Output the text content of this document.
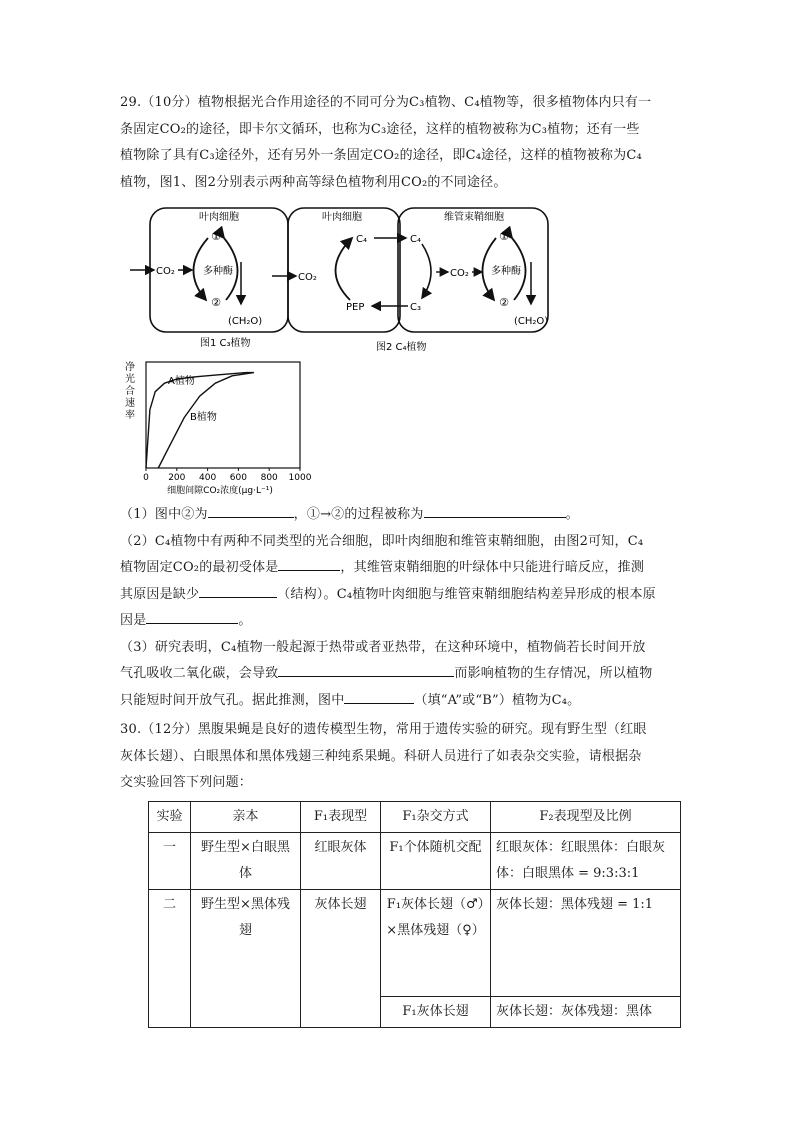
29.（10分）植物根据光合作用途径的不同可分为C₃植物、C₄植物等，很多植物体内只有一
条固定CO₂的途径，即卡尔文循环，也称为C₃途径，这样的植物被称为C₃植物；还有一些
植物除了具有C₃途径外，还有另外一条固定CO₂的途径，即C₄途径，这样的植物被称为C₄
植物，图1、图2分别表示两种高等绿色植物利用CO₂的不同途径。
叶肉细胞
CO₂
①
②
多种酶
(CH₂O)
图1 C₃植物
叶肉细胞	维管束鞘细胞
CO₂
C₄
PEP
C₄
C₃
CO₂
①
②
多种酶
(CH₂O)
图2 C₄植物
净
光
合
速
率
A植物
B植物
0 200 400 600 800 1000
细胞间隙CO₂浓度(μg·L⁻¹)
（1）图中②为	，①→②的过程被称为	。
（2）C₄植物中有两种不同类型的光合细胞，即叶肉细胞和维管束鞘细胞，由图2可知，C₄
植物固定CO₂的最初受体是	，其维管束鞘细胞的叶绿体中只能进行暗反应，推测
其原因是缺少	（结构）。C₄植物叶肉细胞与维管束鞘细胞结构差异形成的根本原
因是	。
（3）研究表明，C₄植物一般起源于热带或者亚热带，在这种环境中，植物倘若长时间开放
气孔吸收二氧化碳，会导致	而影响植物的生存情况，所以植物
只能短时间开放气孔。据此推测，图中	（填“A”或“B”）植物为C₄。
30.（12分）黑腹果蝇是良好的遗传模型生物，常用于遗传实验的研究。现有野生型（红眼
灰体长翅）、白眼黑体和黑体残翅三种纯系果蝇。科研人员进行了如表杂交实验，请根据杂
交实验回答下列问题：
实验	亲本	F₁表现型	F₁杂交方式	F₂表现型及比例
一	野生型×白眼黑体	红眼灰体	F₁个体随机交配	红眼灰体：红眼黑体：白眼灰体：白眼黑体 = 9:3:3:1
二	野生型×黑体残翅	灰体长翅	F₁灰体长翅（♂）×黑体残翅（♀）	灰体长翅：黑体残翅 = 1:1
			F₁灰体长翅	灰体长翅：灰体残翅：黑体
